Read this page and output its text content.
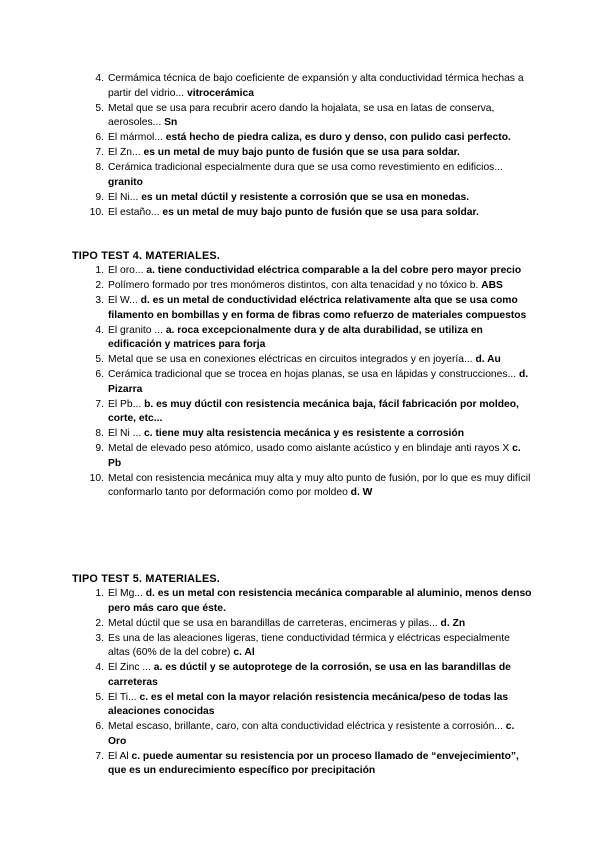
4. Cermámica técnica de bajo coeficiente de expansión y alta conductividad térmica hechas a partir del vidrio... vitrocerámica
5. Metal que se usa para recubrir acero dando la hojalata, se usa en latas de conserva, aerosoles... Sn
6. El mármol... está hecho de piedra caliza, es duro y denso, con pulido casi perfecto.
7. El Zn... es un metal de muy bajo punto de fusión que se usa para soldar.
8. Cerámica tradicional especialmente dura que se usa como revestimiento en edificios... granito
9. El Ni... es un metal dúctil y resistente a corrosión que se usa en monedas.
10. El estaño... es un metal de muy bajo punto de fusión que se usa para soldar.
TIPO TEST 4. MATERIALES.
1. El oro... a. tiene conductividad eléctrica comparable a la del cobre pero mayor precio
2. Polímero formado por tres monómeros distintos, con alta tenacidad y no tóxico b. ABS
3. El W... d. es un metal de conductividad eléctrica relativamente alta que se usa como filamento en bombillas y en forma de fibras como refuerzo de materiales compuestos
4. El granito ... a. roca excepcionalmente dura y de alta durabilidad, se utiliza en edificación y matrices para forja
5. Metal que se usa en conexiones eléctricas en circuitos integrados y en joyería... d. Au
6. Cerámica tradicional que se trocea en hojas planas, se usa en lápidas y construcciones... d. Pizarra
7. El Pb... b. es muy dúctil con resistencia mecánica baja, fácil fabricación por moldeo, corte, etc...
8. El Ni ... c. tiene muy alta resistencia mecánica y es resistente a corrosión
9. Metal de elevado peso atómico, usado como aislante acústico y en blindaje anti rayos X c. Pb
10. Metal con resistencia mecánica muy alta y muy alto punto de fusión, por lo que es muy difícil conformarlo tanto por deformación como por moldeo d. W
TIPO TEST 5. MATERIALES.
1. El Mg... d. es un metal con resistencia mecánica comparable al aluminio, menos denso pero más caro que éste.
2. Metal dúctil que se usa en barandillas de carreteras, encimeras y pilas... d. Zn
3. Es una de las aleaciones ligeras, tiene conductividad térmica y eléctricas especialmente altas (60% de la del cobre) c. Al
4. El Zinc ... a. es dúctil y se autoprotege de la corrosión, se usa en las barandillas de carreteras
5. El Ti... c. es el metal con la mayor relación resistencia mecánica/peso de todas las aleaciones conocidas
6. Metal escaso, brillante, caro, con alta conductividad eléctrica y resistente a corrosión... c. Oro
7. El Al c. puede aumentar su resistencia por un proceso llamado de “envejecimiento”, que es un endurecimiento específico por precipitación
